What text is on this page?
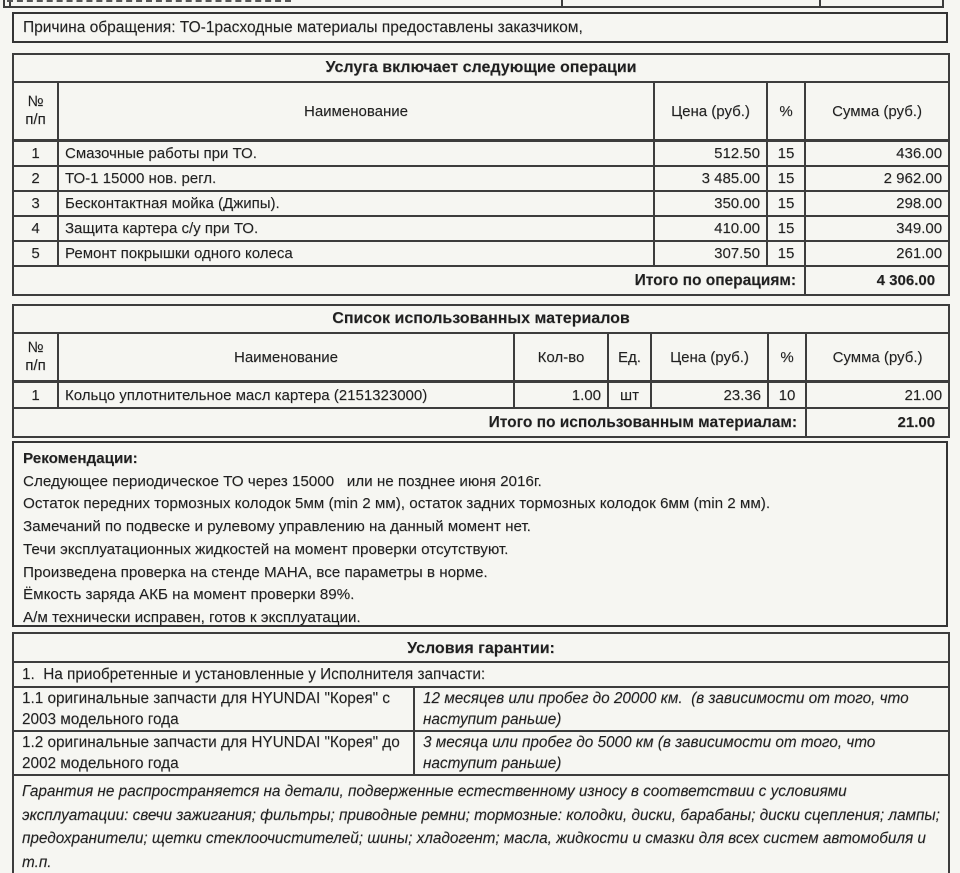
Причина обращения: ТО-1расходные материалы предоставлены заказчиком,
Услуга включает следующие операции				

№
п/п	Наименование	Цена (руб.)	%	Сумма (руб.)
1	Смазочные работы при ТО.	512.50	15	436.00
2	ТО-1 15000 нов. регл.	3 485.00	15	2 962.00
3	Бесконтактная мойка (Джипы).	350.00	15	298.00
4	Защита картера с/у при ТО.	410.00	15	349.00
5	Ремонт покрышки одного колеса	307.50	15	261.00
Итого по операциям:				4 306.00
Список использованных материалов						

№
п/п	Наименование	Кол-во	Ед.	Цена (руб.)	%	Сумма (руб.)
1	Кольцо уплотнительное масл картера (2151323000)	1.00	шт	23.36	10	21.00
Итого по использованным материалам:						21.00
Рекомендации:
Следующее периодическое ТО через 15000   или не позднее июня 2016г.
Остаток передних тормозных колодок 5мм (min 2 мм), остаток задних тормозных колодок 6мм (min 2 мм).
Замечаний по подвеске и рулевому управлению на данный момент нет.
Течи эксплуатационных жидкостей на момент проверки отсутствуют.
Произведена проверка на стенде МАНА, все параметры в норме.
Ёмкость заряда АКБ на момент проверки 89%.
А/м технически исправен, готов к эксплуатации.
Условия гарантии:	
1.  На приобретенные и установленные у Исполнителя запчасти:	
1.1 оригинальные запчасти для HYUNDAI "Корея" с 2003 модельного года	12 месяцев или пробег до 20000 км.  (в зависимости от того, что наступит раньше)
1.2 оригинальные запчасти для HYUNDAI "Корея" до 2002 модельного года	3 месяца или пробег до 5000 км (в зависимости от того, что наступит раньше)
Гарантия не распространяется на детали, подверженные естественному износу в соответствии с условиями эксплуатации: свечи зажигания; фильтры; приводные ремни; тормозные: колодки, диски, барабаны; диски сцепления; лампы; предохранители; щетки стеклоочистителей; шины; хладогент; масла, жидкости и смазки для всех систем автомобиля и т.п.	
